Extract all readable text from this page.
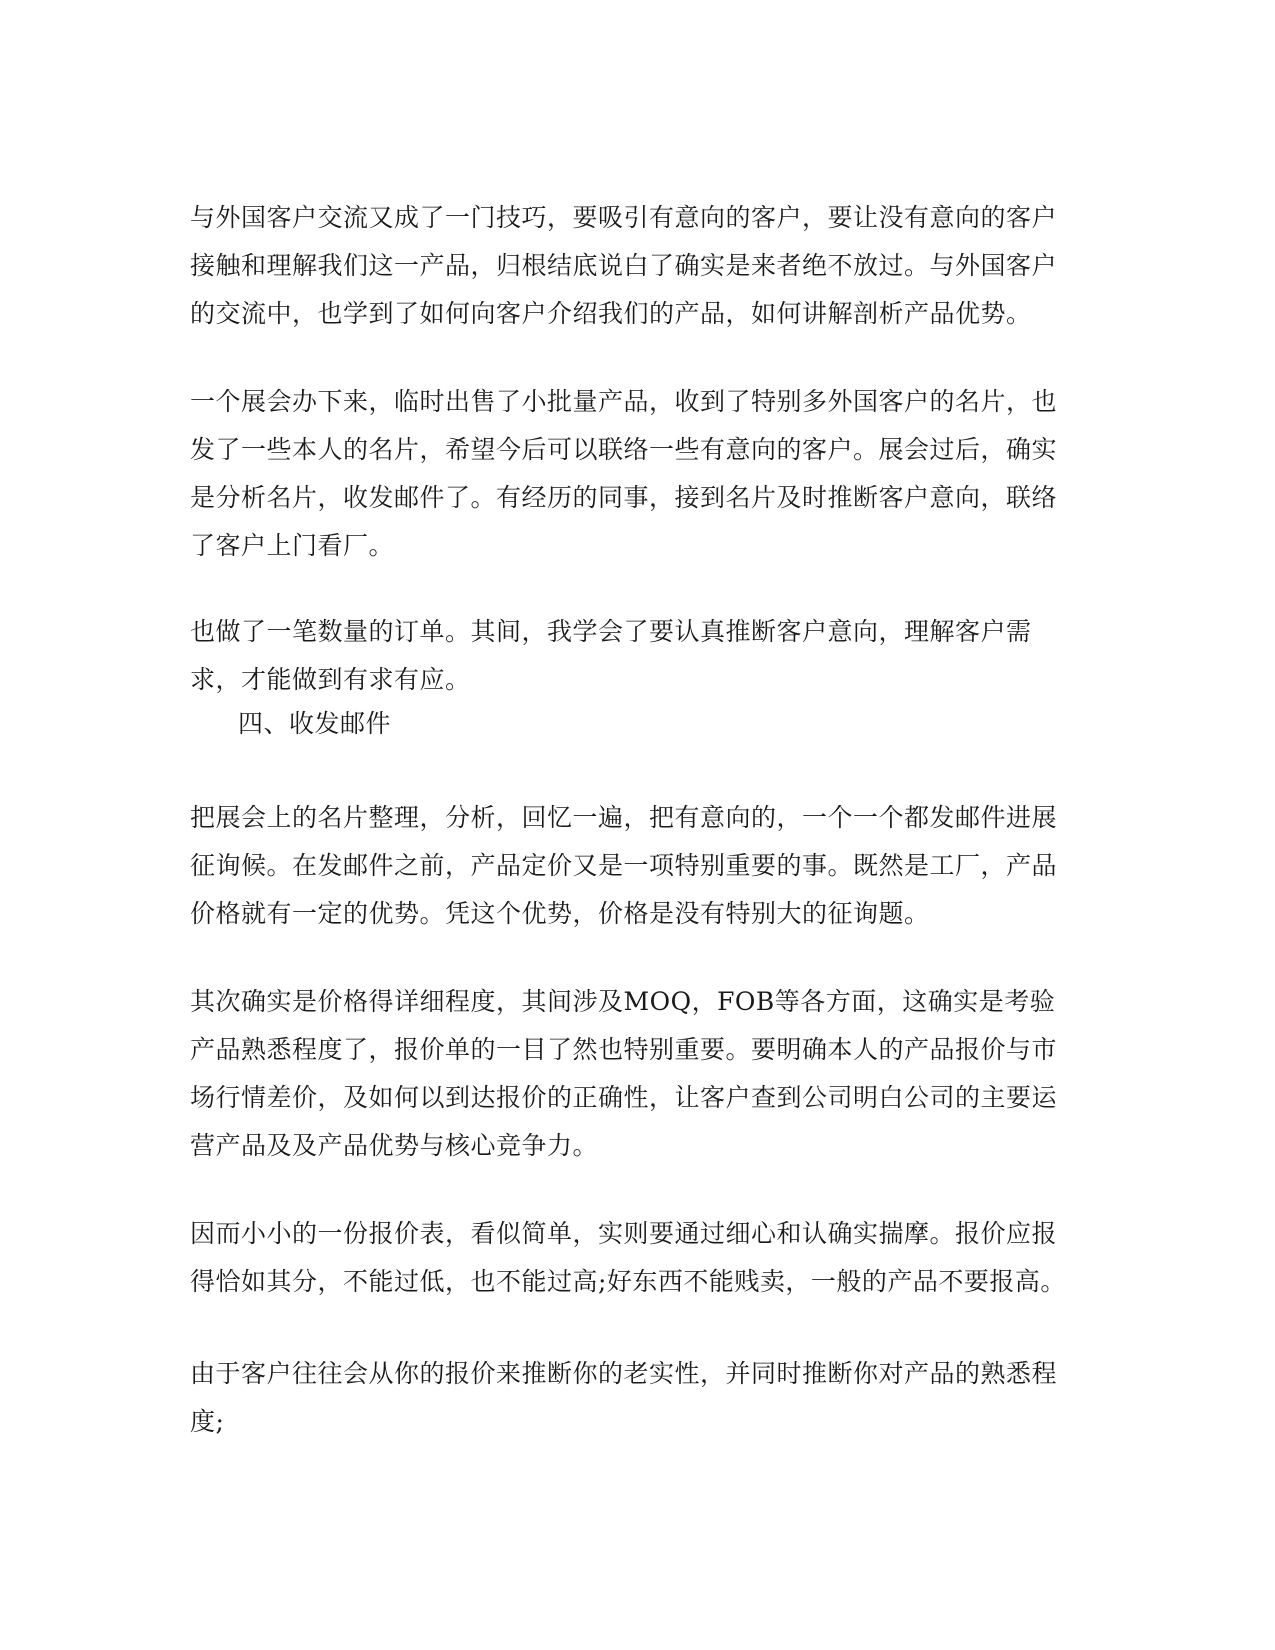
与外国客户交流又成了一门技巧，要吸引有意向的客户，要让没有意向的客户接触和理解我们这一产品，归根结底说白了确实是来者绝不放过。与外国客户的交流中，也学到了如何向客户介绍我们的产品，如何讲解剖析产品优势。

一个展会办下来，临时出售了小批量产品，收到了特别多外国客户的名片，也发了一些本人的名片，希望今后可以联络一些有意向的客户。展会过后，确实是分析名片，收发邮件了。有经历的同事，接到名片及时推断客户意向，联络了客户上门看厂。

也做了一笔数量的订单。其间，我学会了要认真推断客户意向，理解客户需求，才能做到有求有应。

四、收发邮件

把展会上的名片整理，分析，回忆一遍，把有意向的，一个一个都发邮件进展征询候。在发邮件之前，产品定价又是一项特别重要的事。既然是工厂，产品价格就有一定的优势。凭这个优势，价格是没有特别大的征询题。

其次确实是价格得详细程度，其间涉及MOQ，FOB等各方面，这确实是考验产品熟悉程度了，报价单的一目了然也特别重要。要明确本人的产品报价与市场行情差价，及如何以到达报价的正确性，让客户查到公司明白公司的主要运营产品及及产品优势与核心竞争力。

因而小小的一份报价表，看似简单，实则要通过细心和认确实揣摩。报价应报得恰如其分，不能过低，也不能过高;好东西不能贱卖，一般的产品不要报高。

由于客户往往会从你的报价来推断你的老实性，并同时推断你对产品的熟悉程度;
